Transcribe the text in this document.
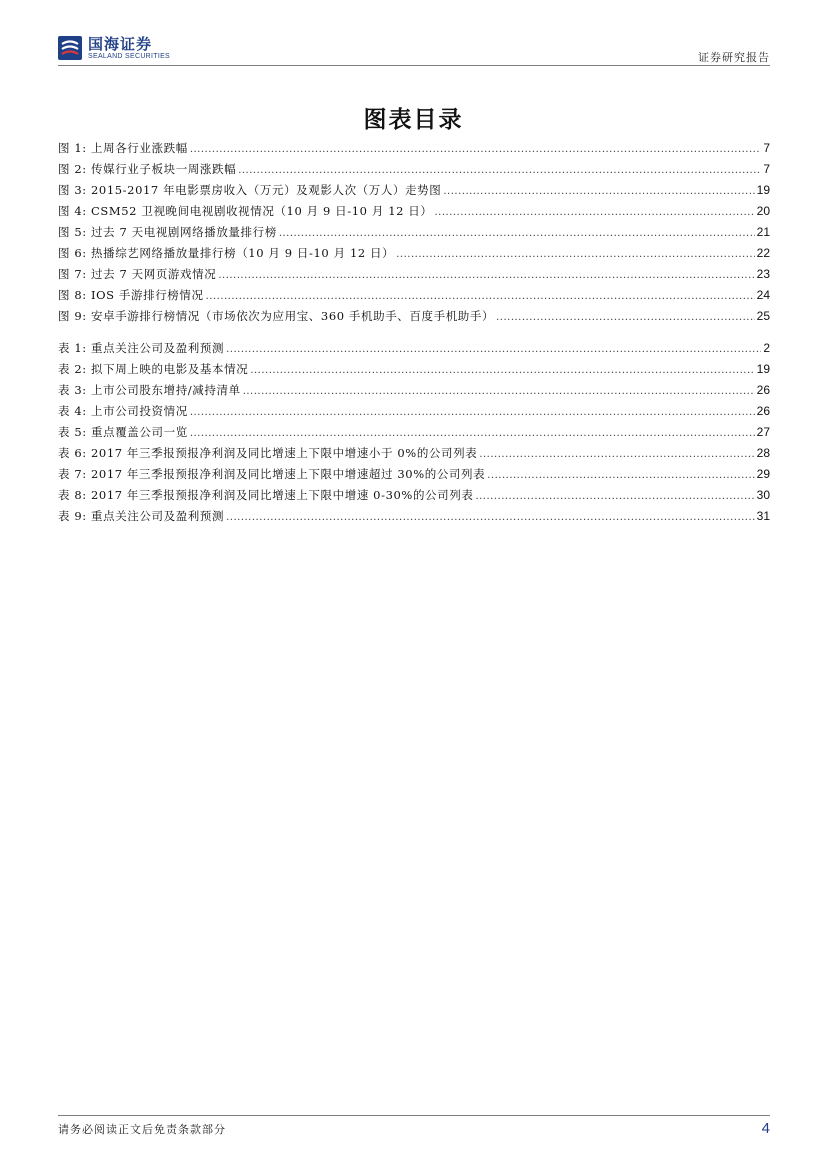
国海证券
SEALAND SECURITIES	证券研究报告
图表目录
图 1: 上周各行业涨跌幅 .....	7
图 2: 传媒行业子板块一周涨跌幅 .....	7
图 3: 2015-2017 年电影票房收入（万元）及观影人次（万人）走势图 .....	19
图 4: CSM52 卫视晚间电视剧收视情况（10 月 9 日-10 月 12 日） .....	20
图 5: 过去 7 天电视剧网络播放量排行榜 .....	21
图 6: 热播综艺网络播放量排行榜（10 月 9 日-10 月 12 日） .....	22
图 7: 过去 7 天网页游戏情况 .....	23
图 8: IOS 手游排行榜情况 .....	24
图 9: 安卓手游排行榜情况（市场依次为应用宝、360 手机助手、百度手机助手） .....	25
表 1: 重点关注公司及盈利预测 .....	2
表 2: 拟下周上映的电影及基本情况 .....	19
表 3: 上市公司股东增持/减持清单 .....	26
表 4: 上市公司投资情况 .....	26
表 5: 重点覆盖公司一览 .....	27
表 6: 2017 年三季报预报净利润及同比增速上下限中增速小于 0%的公司列表 .....	28
表 7: 2017 年三季报预报净利润及同比增速上下限中增速超过 30%的公司列表 .....	29
表 8: 2017 年三季报预报净利润及同比增速上下限中增速 0-30%的公司列表 .....	30
表 9: 重点关注公司及盈利预测 .....	31
请务必阅读正文后免责条款部分	4
